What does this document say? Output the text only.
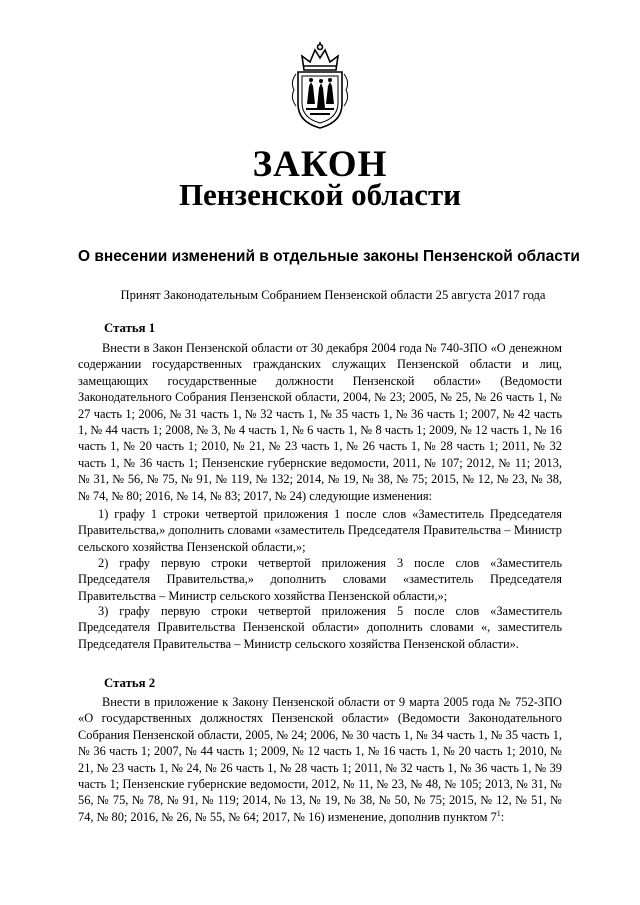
ЗАКОН
Пензенской области

О внесении изменений в отдельные законы Пензенской области

Принят Законодательным Собранием Пензенской области 25 августа 2017 года

Статья 1

Внести в Закон Пензенской области от 30 декабря 2004 года № 740-ЗПО «О денежном содержании государственных гражданских служащих Пензенской области и лиц, замещающих государственные должности Пензенской области» (Ведомости Законодательного Собрания Пензенской области, 2004, № 23; 2005, № 25, № 26 часть 1, № 27 часть 1; 2006, № 31 часть 1, № 32 часть 1, № 35 часть 1, № 36 часть 1; 2007, № 42 часть 1, № 44 часть 1; 2008, № 3, № 4 часть 1, № 6 часть 1, № 8 часть 1; 2009, № 12 часть 1, № 16 часть 1, № 20 часть 1; 2010, № 21, № 23 часть 1, № 26 часть 1, № 28 часть 1; 2011, № 32 часть 1, № 36 часть 1; Пензенские губернские ведомости, 2011, № 107; 2012, № 11; 2013, № 31, № 56, № 75, № 91, № 119, № 132; 2014, № 19, № 38, № 75; 2015, № 12, № 23, № 38, № 74, № 80; 2016, № 14, № 83; 2017, № 24) следующие изменения:

1) графу 1 строки четвертой приложения 1 после слов «Заместитель Председателя Правительства,» дополнить словами «заместитель Председателя Правительства – Министр сельского хозяйства Пензенской области,»;

2) графу первую строки четвертой приложения 3 после слов «Заместитель Председателя Правительства,» дополнить словами «заместитель Председателя Правительства – Министр сельского хозяйства Пензенской области,»;

3) графу первую строки четвертой приложения 5 после слов «Заместитель Председателя Правительства Пензенской области» дополнить словами «, заместитель Председателя Правительства – Министр сельского хозяйства Пензенской области».

Статья 2

Внести в приложение к Закону Пензенской области от 9 марта 2005 года № 752-ЗПО «О государственных должностях Пензенской области» (Ведомости Законодательного Собрания Пензенской области, 2005, № 24; 2006, № 30 часть 1, № 34 часть 1, № 35 часть 1, № 36 часть 1; 2007, № 44 часть 1; 2009, № 12 часть 1, № 16 часть 1, № 20 часть 1; 2010, № 21, № 23 часть 1, № 24, № 26 часть 1, № 28 часть 1; 2011, № 32 часть 1, № 36 часть 1, № 39 часть 1; Пензенские губернские ведомости, 2012, № 11, № 23, № 48, № 105; 2013, № 31, № 56, № 75, № 78, № 91, № 119; 2014, № 13, № 19, № 38, № 50, № 75; 2015, № 12, № 51, № 74, № 80; 2016, № 26, № 55, № 64; 2017, № 16) изменение, дополнив пунктом $7^1$:
